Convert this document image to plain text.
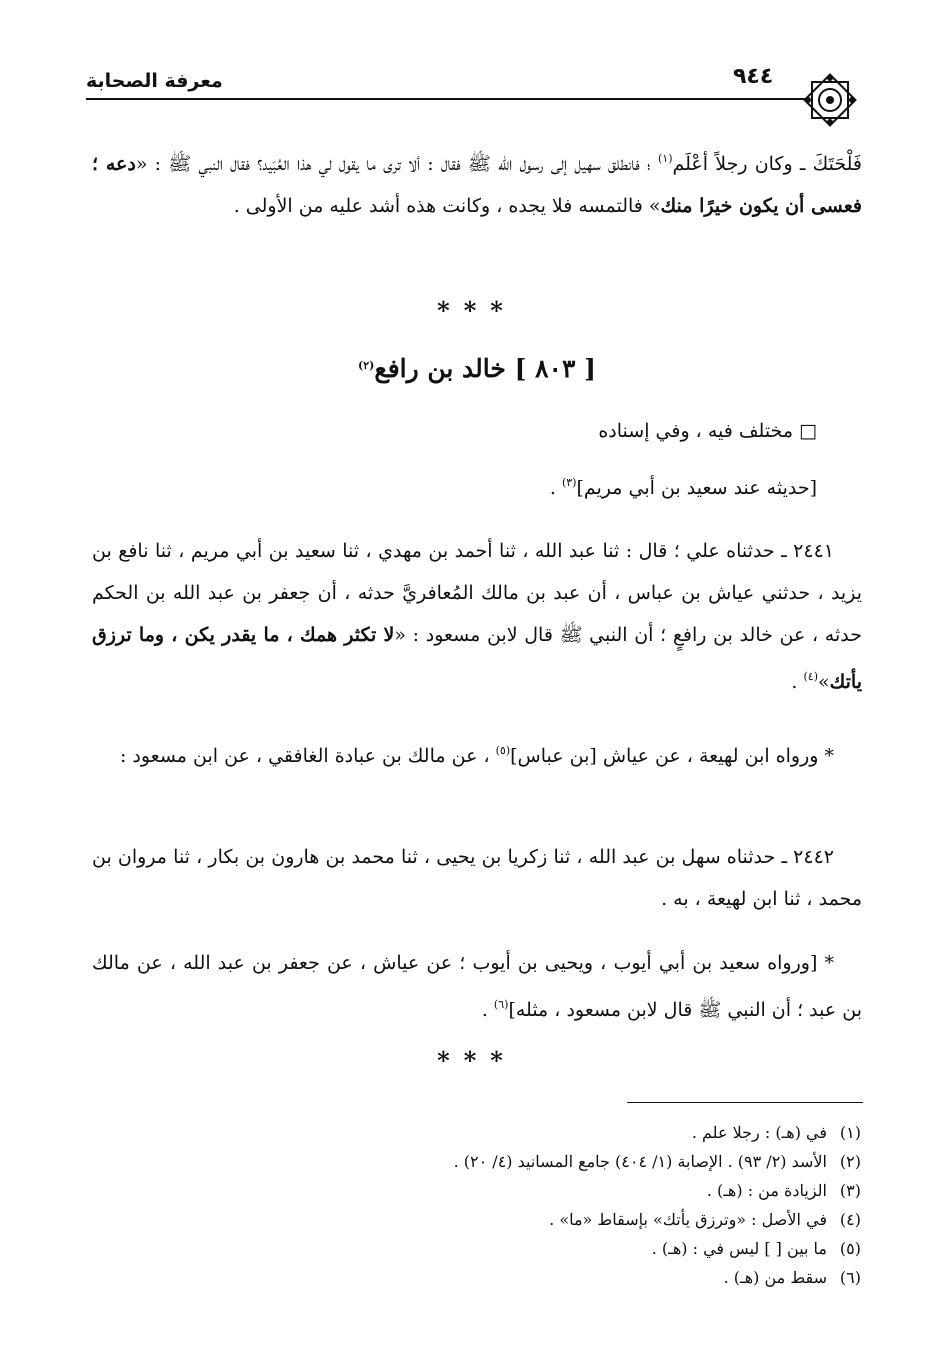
معرفة الصحابة	٩٤٤

فَلْحَتَكَ ـ وكان رجلاً أعْلَم$^{(١)}$ ؛ فانطلق سهيل إلى رسول الله ﷺ فقال : ألا ترى ما يقول لي هذا العُبَيد؟ فقال النبي ﷺ : «دعه ؛ فعسى أن يكون خيرًا منك» فالتمسه فلا يجده ، وكانت هذه أشد عليه من الأولى .

***
[ ٨٠٣ ] خالد بن رافع$^{(٢)}$
□ مختلف فيه ، وفي إسناده
[حديثه عند سعيد بن أبي مريم]$^{(٣)}$ .

٢٤٤١ ـ حدثناه علي ؛ قال : ثنا عبد الله ، ثنا أحمد بن مهدي ، ثنا سعيد بن أبي مريم ، ثنا نافع بن يزيد ، حدثني عياش بن عباس ، أن عبد بن مالك المُعافريَّ حدثه ، أن جعفر بن عبد الله بن الحكم حدثه ، عن خالد بن رافعٍ ؛ أن النبي ﷺ قال لابن مسعود : «لا تكثر همك ، ما يقدر يكن ، وما ترزق يأتك»$^{(٤)}$ .

* ورواه ابن لهيعة ، عن عياش [بن عباس]$^{(٥)}$ ، عن مالك بن عبادة الغافقي ، عن ابن مسعود :

٢٤٤٢ ـ حدثناه سهل بن عبد الله ، ثنا زكريا بن يحيى ، ثنا محمد بن هارون بن بكار ، ثنا مروان بن محمد ، ثنا ابن لهيعة ، به .

* [ورواه سعيد بن أبي أيوب ، ويحيى بن أيوب ؛ عن عياش ، عن جعفر بن عبد الله ، عن مالك بن عبد ؛ أن النبي ﷺ قال لابن مسعود ، مثله]$^{(٦)}$ .

***
(١)في (هـ) : رجلا علم .
(٢)الأسد (٢/ ٩٣) . الإصابة (١/ ٤٠٤) جامع المسانيد (٤/ ٢٠) .
(٣)الزيادة من : (هـ) .
(٤)في الأصل : «وترزق يأتك» بإسقاط «ما» .
(٥)ما بين [ ] ليس في : (هـ) .
(٦)سقط من (هـ) .
